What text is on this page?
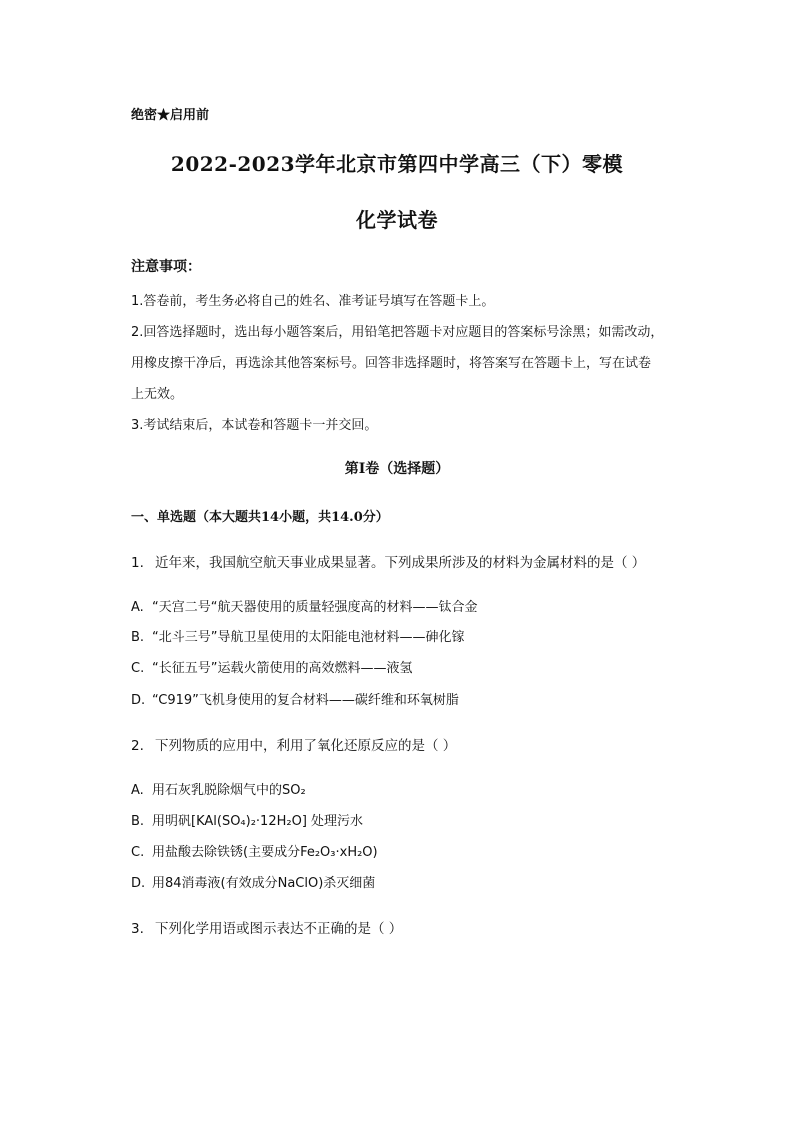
绝密★启用前
2022-2023学年北京市第四中学高三（下）零模
化学试卷
注意事项：
1.答卷前，考生务必将自己的姓名、准考证号填写在答题卡上。
2.回答选择题时，选出每小题答案后，用铅笔把答题卡对应题目的答案标号涂黑；如需改动，
用橡皮擦干净后，再选涂其他答案标号。回答非选择题时，将答案写在答题卡上，写在试卷
上无效。
3.考试结束后，本试卷和答题卡一并交回。
第Ⅰ卷（选择题）
一、单选题（本大题共14小题，共14.0分）
1. 近年来，我国航空航天事业成果显著。下列成果所涉及的材料为金属材料的是（ ）
A. “天宫二号“航天器使用的质量轻强度高的材料——钛合金
B. “北斗三号”导航卫星使用的太阳能电池材料——砷化镓
C. “长征五号”运载火箭使用的高效燃料——液氢
D. “C919”飞机身使用的复合材料——碳纤维和环氧树脂
2. 下列物质的应用中，利用了氧化还原反应的是（ ）
A. 用石灰乳脱除烟气中的SO₂
B. 用明矾[KAl(SO₄)₂·12H₂O] 处理污水
C. 用盐酸去除铁锈(主要成分Fe₂O₃·xH₂O)
D. 用84消毒液(有效成分NaClO)杀灭细菌
3. 下列化学用语或图示表达不正确的是（ ）
